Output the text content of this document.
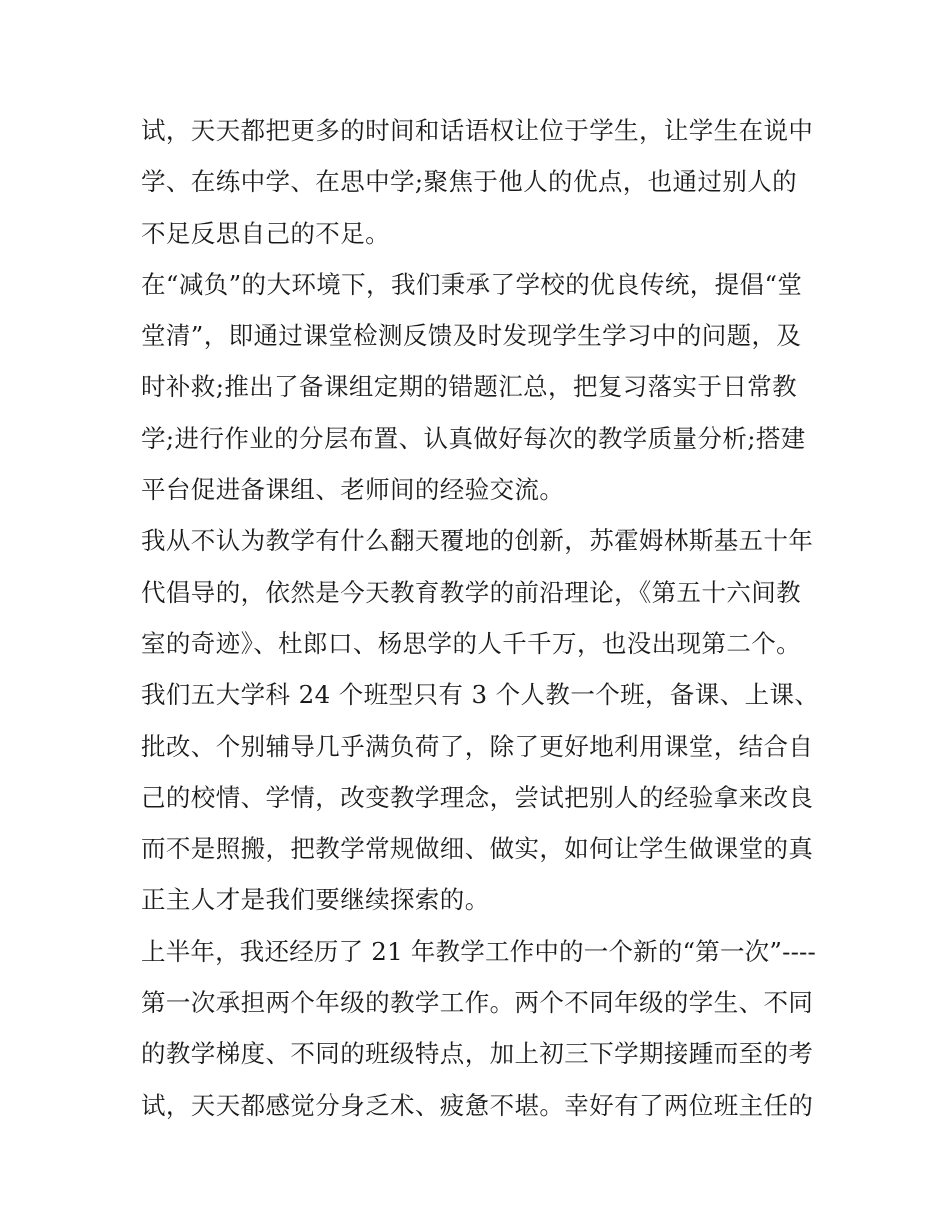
试，天天都把更多的时间和话语权让位于学生，让学生在说中
学、在练中学、在思中学;聚焦于他人的优点，也通过别人的
不足反思自己的不足。
在“减负”的大环境下，我们秉承了学校的优良传统，提倡“堂
堂清”，即通过课堂检测反馈及时发现学生学习中的问题，及
时补救;推出了备课组定期的错题汇总，把复习落实于日常教
学;进行作业的分层布置、认真做好每次的教学质量分析;搭建
平台促进备课组、老师间的经验交流。
我从不认为教学有什么翻天覆地的创新，苏霍姆林斯基五十年
代倡导的，依然是今天教育教学的前沿理论，《第五十六间教
室的奇迹》、杜郎口、杨思学的人千千万，也没出现第二个。
我们五大学科 24 个班型只有 3 个人教一个班，备课、上课、
批改、个别辅导几乎满负荷了，除了更好地利用课堂，结合自
己的校情、学情，改变教学理念，尝试把别人的经验拿来改良
而不是照搬，把教学常规做细、做实，如何让学生做课堂的真
正主人才是我们要继续探索的。
上半年，我还经历了 21 年教学工作中的一个新的“第一次”----
第一次承担两个年级的教学工作。两个不同年级的学生、不同
的教学梯度、不同的班级特点，加上初三下学期接踵而至的考
试，天天都感觉分身乏术、疲惫不堪。幸好有了两位班主任的
